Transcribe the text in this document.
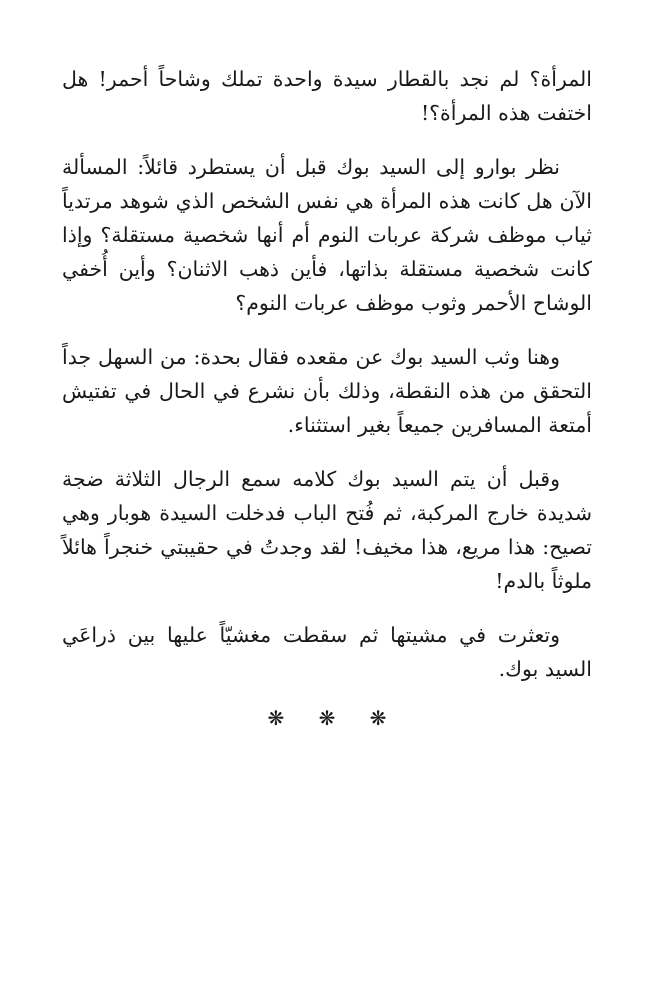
المرأة؟ لم نجد بالقطار سيدة واحدة تملك وشاحاً أحمر! هل اختفت هذه المرأة؟!

نظر بوارو إلى السيد بوك قبل أن يستطرد قائلاً: المسألة الآن هل كانت هذه المرأة هي نفس الشخص الذي شوهد مرتدياً ثياب موظف شركة عربات النوم أم أنها شخصية مستقلة؟ وإذا كانت شخصية مستقلة بذاتها، فأين ذهب الاثنان؟ وأين أُخفي الوشاح الأحمر وثوب موظف عربات النوم؟

وهنا وثب السيد بوك عن مقعده فقال بحدة: من السهل جداً التحقق من هذه النقطة، وذلك بأن نشرع في الحال في تفتيش أمتعة المسافرين جميعاً بغير استثناء.

وقبل أن يتم السيد بوك كلامه سمع الرجال الثلاثة ضجة شديدة خارج المركبة، ثم فُتح الباب فدخلت السيدة هوبار وهي تصيح: هذا مريع، هذا مخيف! لقد وجدتُ في حقيبتي خنجراً هائلاً ملوثاً بالدم!

وتعثرت في مشيتها ثم سقطت مغشيّاً عليها بين ذراعَي السيد بوك.

❋ ❋ ❋
